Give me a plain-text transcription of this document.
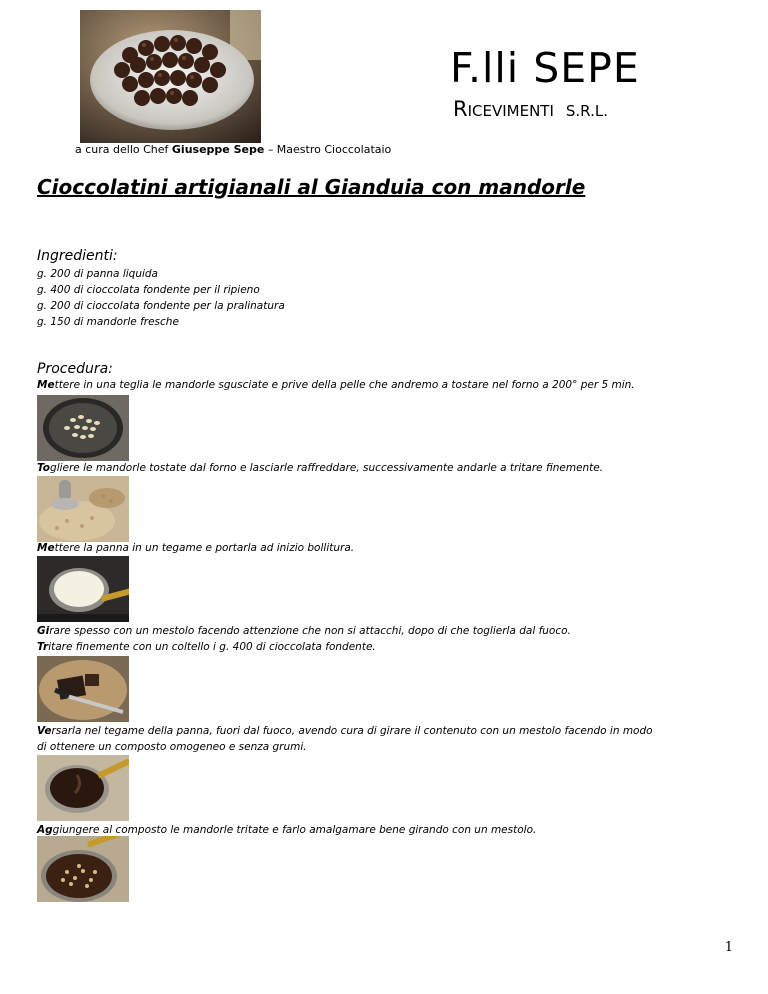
a cura dello Chef Giuseppe Sepe – Maestro Cioccolataio
F.lli SEPE
RICEVIMENTI S.R.L.
Cioccolatini artigianali al Gianduia con mandorle
Ingredienti:
g. 200 di panna liquida
g. 400 di cioccolata fondente per il ripieno
g. 200 di cioccolata fondente per la pralinatura
g. 150 di mandorle fresche
Procedura:
Mettere in una teglia le mandorle sgusciate e prive della pelle che andremo a tostare nel forno a 200° per 5 min.
Togliere le mandorle tostate dal forno e lasciarle raffreddare, successivamente andarle a tritare finemente.
Mettere la panna in un tegame e portarla ad inizio bollitura.
Girare spesso con un mestolo facendo attenzione che non si attacchi, dopo di che toglierla dal fuoco.
Tritare finemente con un coltello i g. 400 di cioccolata fondente.
Versarla nel tegame della panna, fuori dal fuoco, avendo cura di girare il contenuto con un mestolo facendo in modo
di ottenere un composto omogeneo e senza grumi.
Aggiungere al composto le mandorle tritate e farlo amalgamare bene girando con un mestolo.
1
